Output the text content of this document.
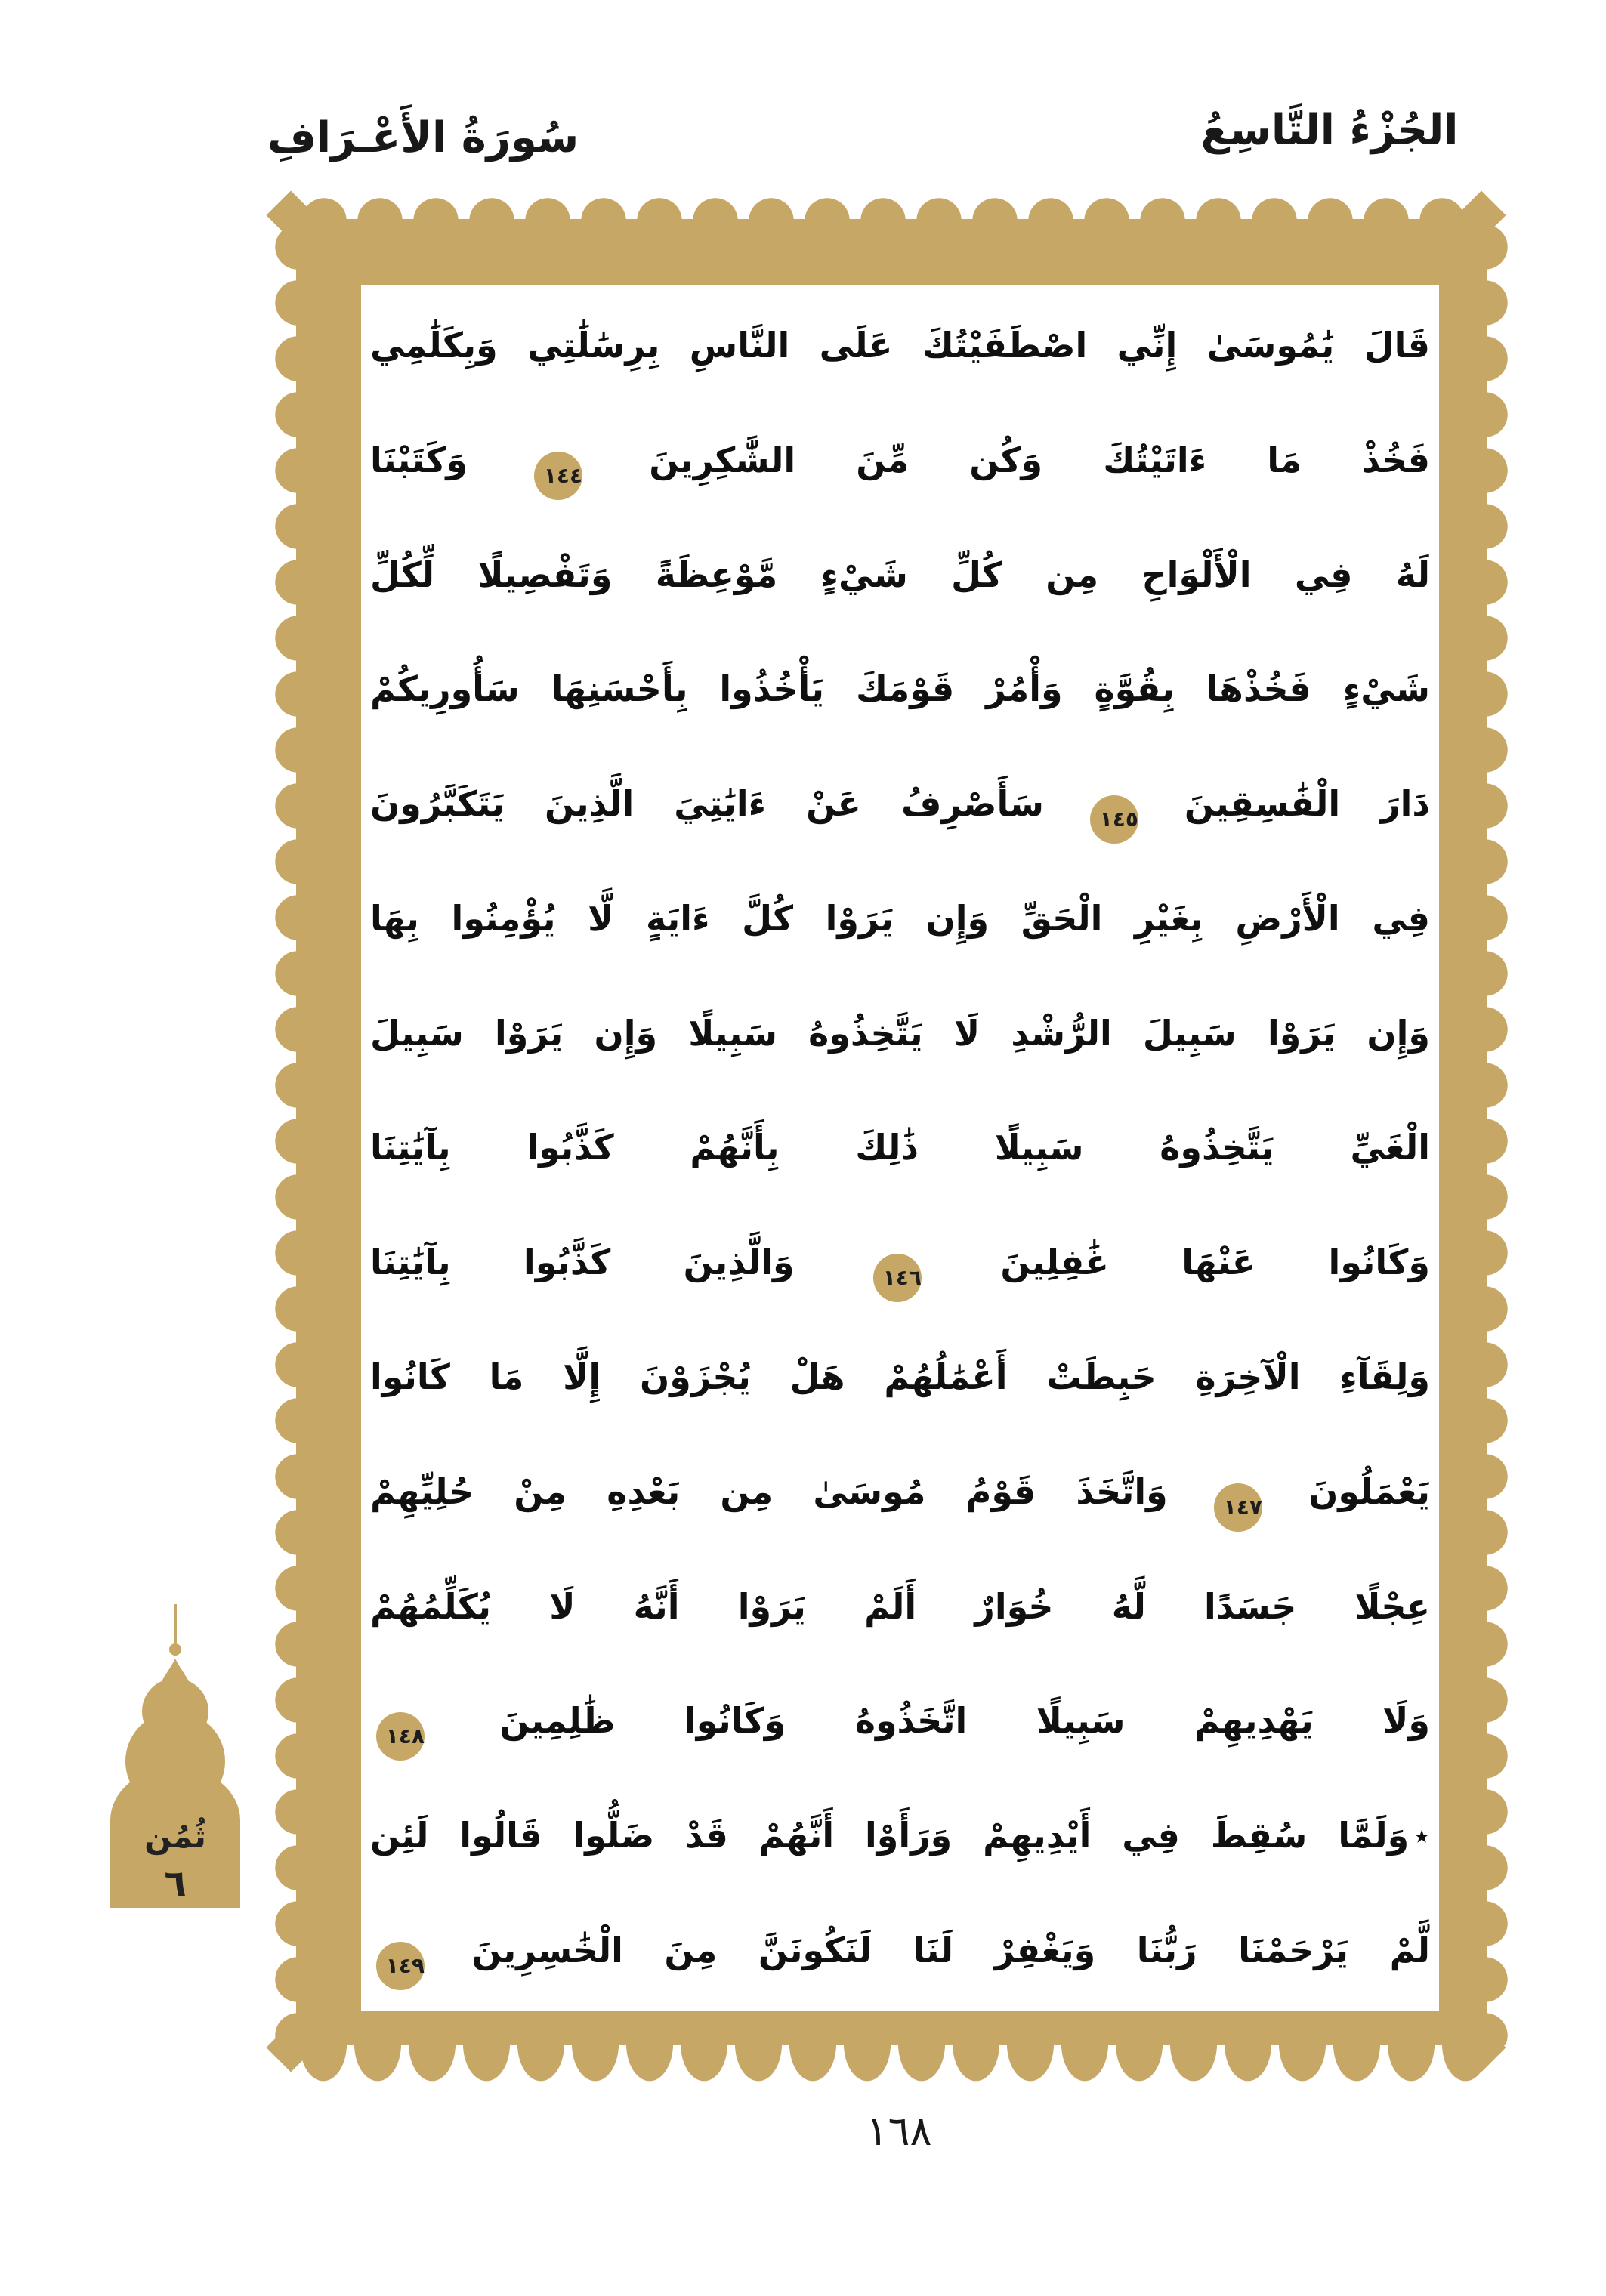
سُورَةُ الأَعْـرَافِ	الجُزْءُ التَّاسِعُ
قَالَ يَٰمُوسَىٰ إِنِّي اصْطَفَيْتُكَ عَلَى النَّاسِ بِرِسَٰلَٰتِي وَبِكَلَٰمِي
فَخُذْ مَا ءَاتَيْتُكَ وَكُن مِّنَ الشَّٰكِرِينَ ١٤٤ وَكَتَبْنَا
لَهُ فِي الْأَلْوَاحِ مِن كُلِّ شَيْءٍ مَّوْعِظَةً وَتَفْصِيلًا لِّكُلِّ
شَيْءٍ فَخُذْهَا بِقُوَّةٍ وَأْمُرْ قَوْمَكَ يَأْخُذُوا بِأَحْسَنِهَا سَأُورِيكُمْ
دَارَ الْفَٰسِقِينَ ١٤٥ سَأَصْرِفُ عَنْ ءَايَٰتِيَ الَّذِينَ يَتَكَبَّرُونَ
فِي الْأَرْضِ بِغَيْرِ الْحَقِّ وَإِن يَرَوْا كُلَّ ءَايَةٍ لَّا يُؤْمِنُوا بِهَا
وَإِن يَرَوْا سَبِيلَ الرُّشْدِ لَا يَتَّخِذُوهُ سَبِيلًا وَإِن يَرَوْا سَبِيلَ
الْغَيِّ يَتَّخِذُوهُ سَبِيلًا ذَٰلِكَ بِأَنَّهُمْ كَذَّبُوا بِآيَٰتِنَا
وَكَانُوا عَنْهَا غَٰفِلِينَ ١٤٦ وَالَّذِينَ كَذَّبُوا بِآيَٰتِنَا
وَلِقَآءِ الْآخِرَةِ حَبِطَتْ أَعْمَٰلُهُمْ هَلْ يُجْزَوْنَ إِلَّا مَا كَانُوا
يَعْمَلُونَ ١٤٧ وَاتَّخَذَ قَوْمُ مُوسَىٰ مِن بَعْدِهِ مِنْ حُلِيِّهِمْ
عِجْلًا جَسَدًا لَّهُ خُوَارٌ أَلَمْ يَرَوْا أَنَّهُ لَا يُكَلِّمُهُمْ
وَلَا يَهْدِيهِمْ سَبِيلًا اتَّخَذُوهُ وَكَانُوا ظَٰلِمِينَ ١٤٨
٭وَلَمَّا سُقِطَ فِي أَيْدِيهِمْ وَرَأَوْا أَنَّهُمْ قَدْ ضَلُّوا قَالُوا لَئِن
لَّمْ يَرْحَمْنَا رَبُّنَا وَيَغْفِرْ لَنَا لَنَكُونَنَّ مِنَ الْخَٰسِرِينَ ١٤٩
ثُمُن
٦
١٦٨
